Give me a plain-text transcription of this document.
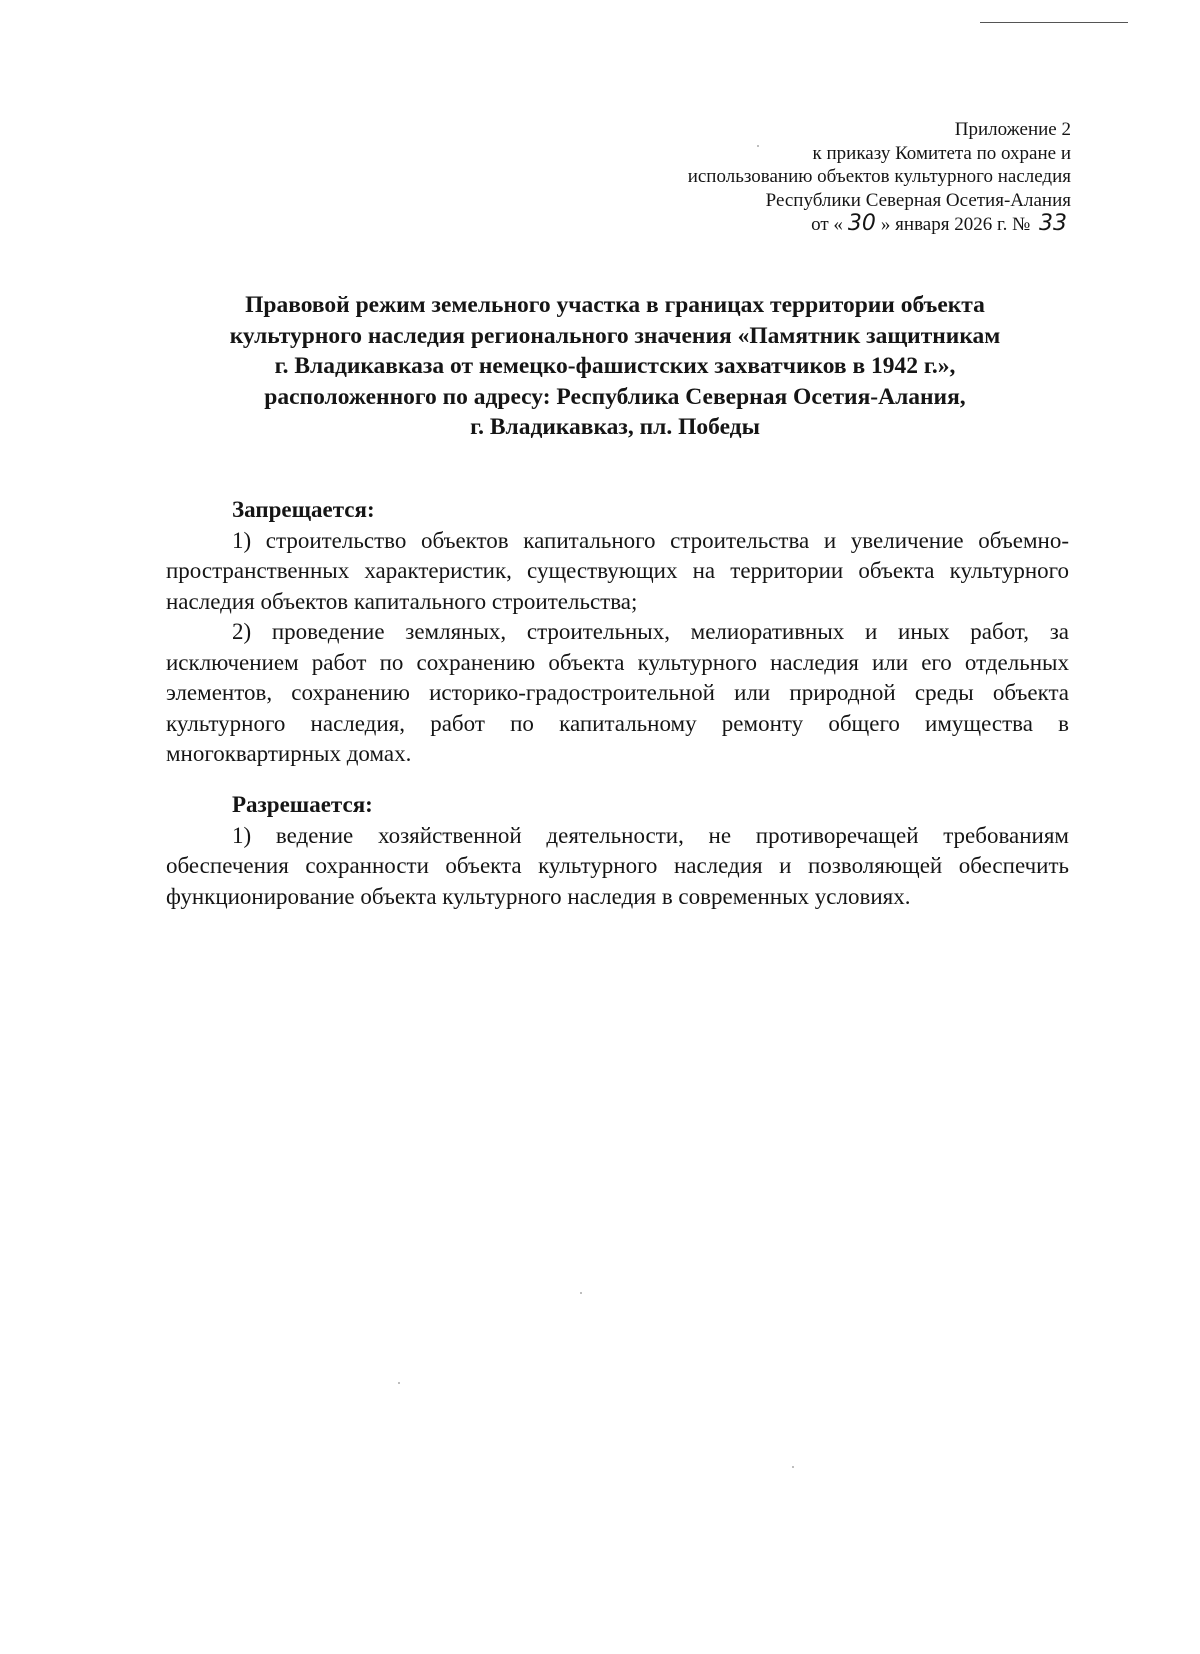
Приложение 2
к приказу Комитета по охране и
использованию объектов культурного наследия
Республики Северная Осетия-Алания
от « 30 » января 2026 г. № 33
Правовой режим земельного участка в границах территории объекта
культурного наследия регионального значения «Памятник защитникам
г. Владикавказа от немецко-фашистских захватчиков в 1942 г.»,
расположенного по адресу: Республика Северная Осетия-Алания,
г. Владикавказ, пл. Победы
Запрещается:
1) строительство объектов капитального строительства и увеличение объемно- пространственных характеристик, существующих на территории объекта культурного наследия объектов капитального строительства;
2) проведение земляных, строительных, мелиоративных и иных работ, за исключением работ по сохранению объекта культурного наследия или его отдельных элементов, сохранению историко-градостроительной или природной среды объекта культурного наследия, работ по капитальному ремонту общего имущества в многоквартирных домах.
Разрешается:
1) ведение хозяйственной деятельности, не противоречащей требованиям обеспечения сохранности объекта культурного наследия и позволяющей обеспечить функционирование объекта культурного наследия в современных условиях.
